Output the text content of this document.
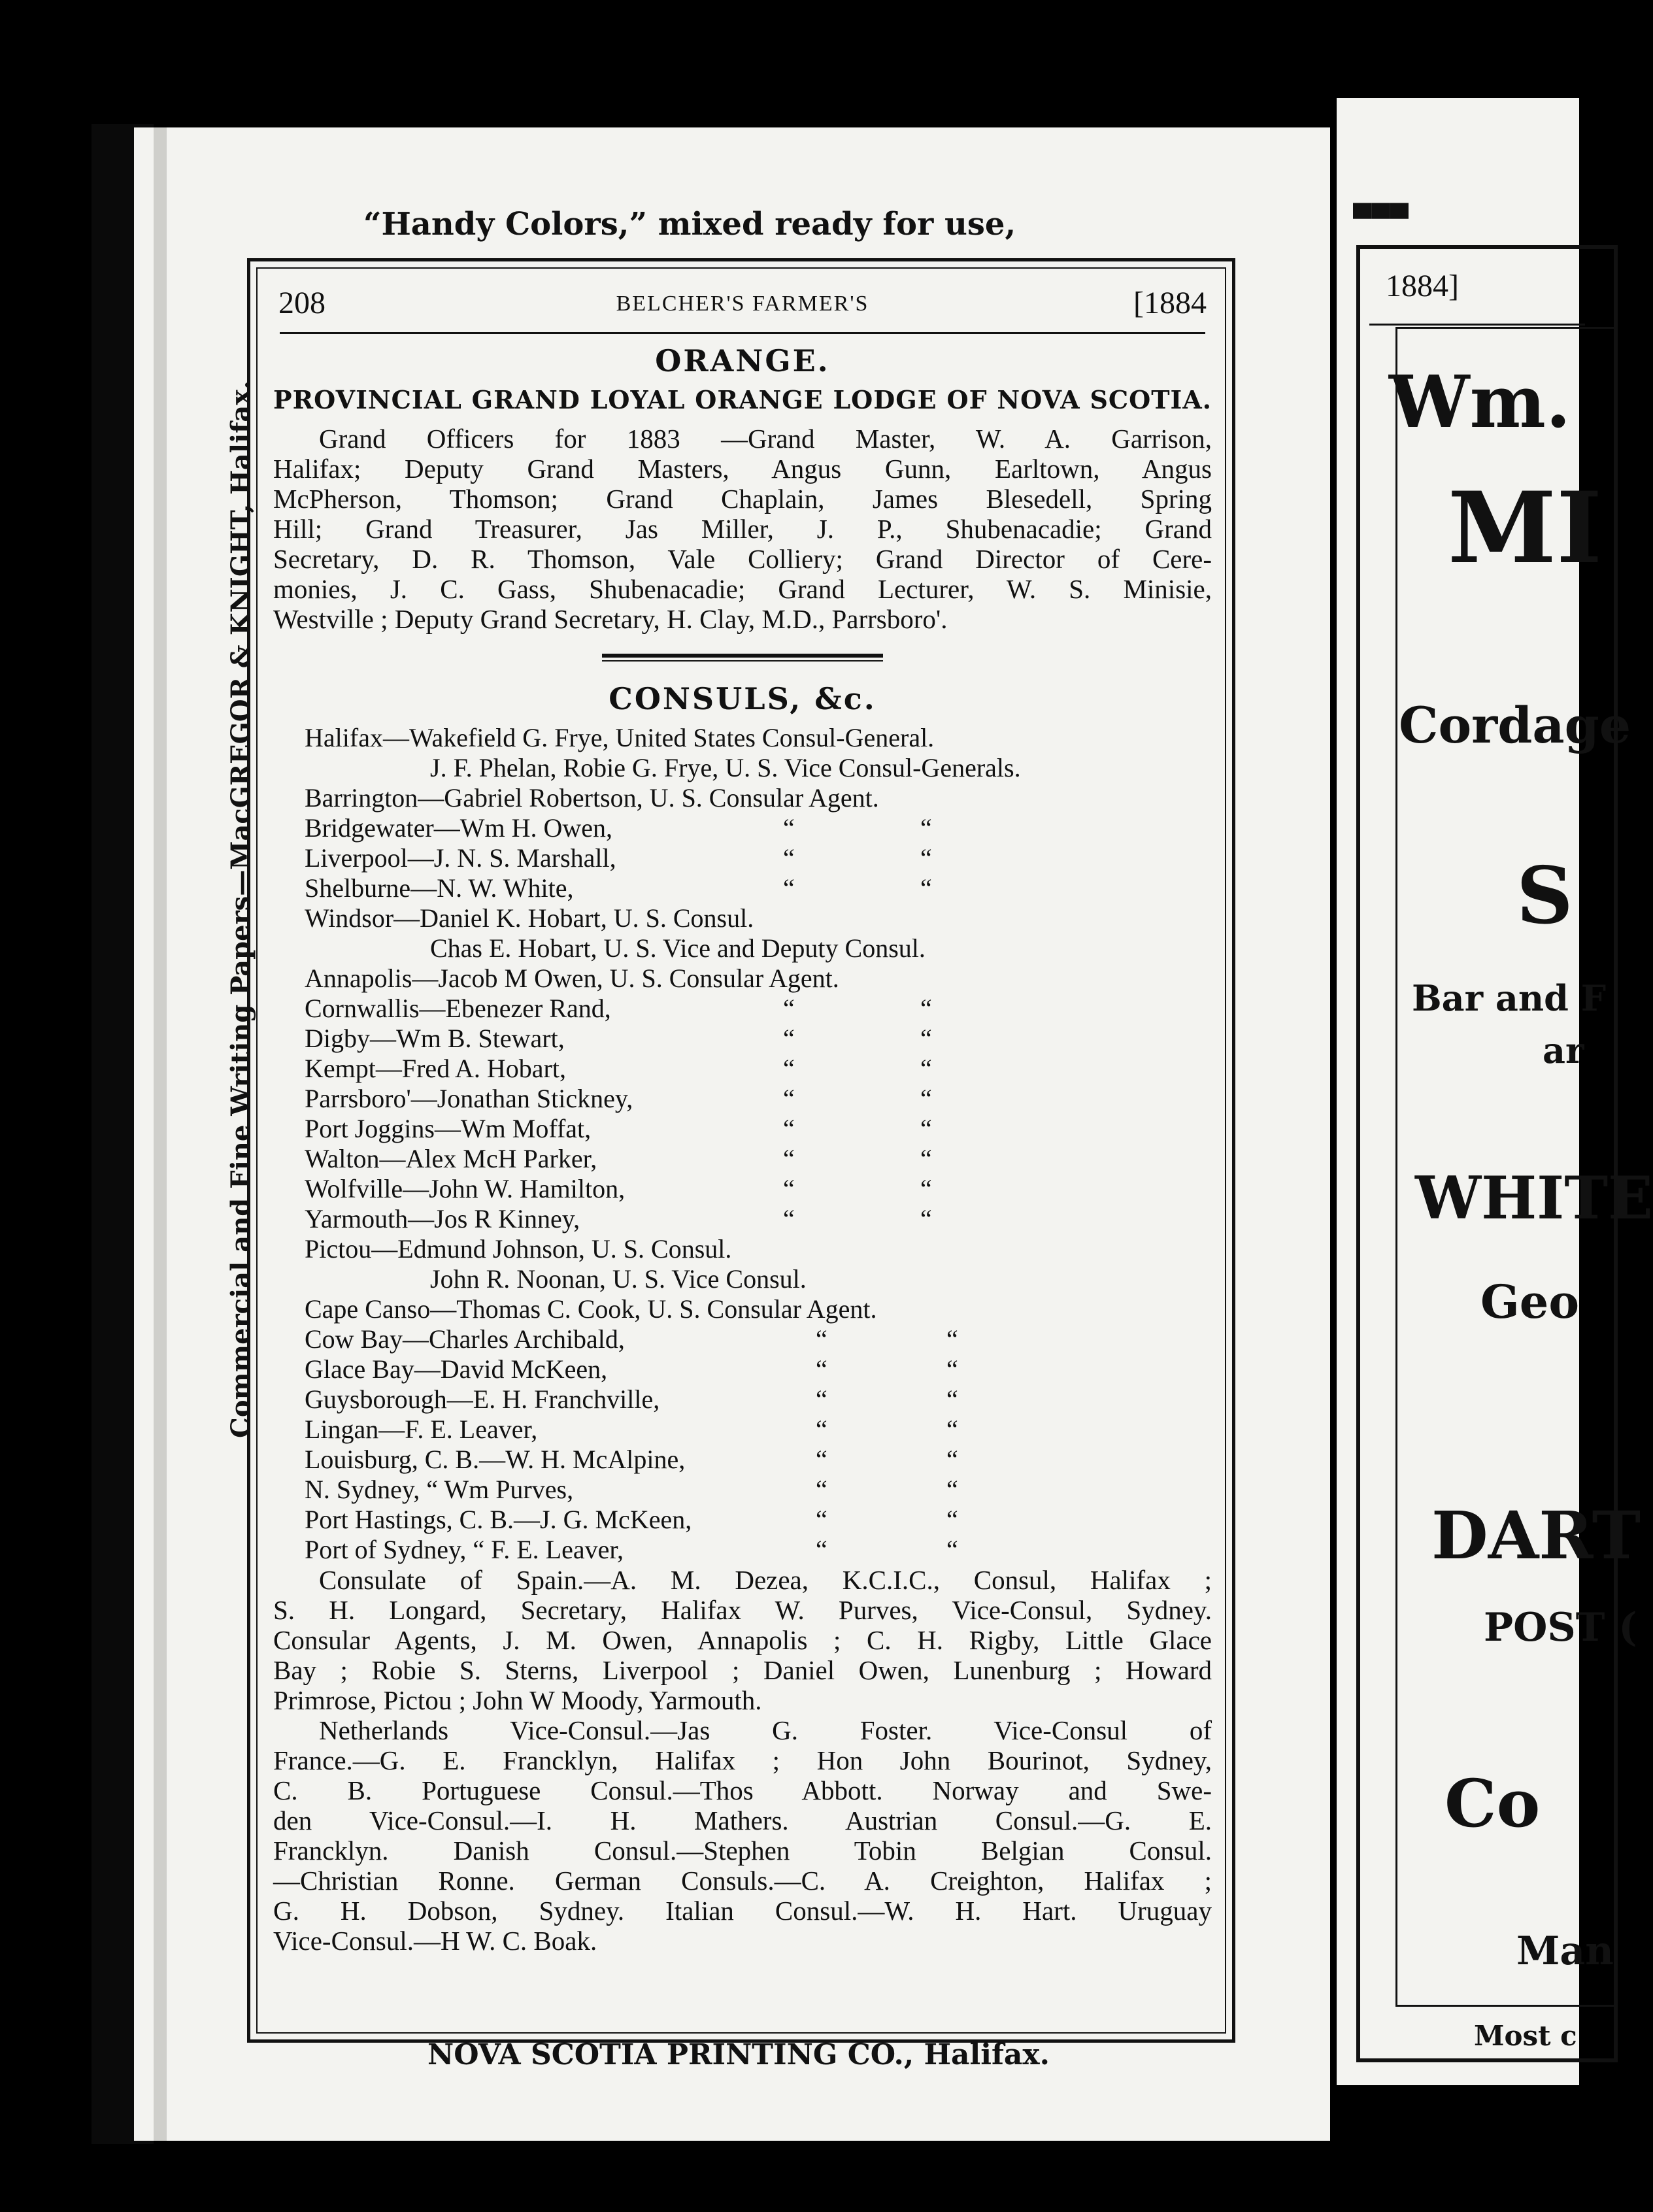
Commercial and Fine Writing Papers—MacGREGOR & KNIGHT, Halifax.
“Handy Colors,” mixed ready for use,
208	BELCHER'S FARMER'S	[1884
ORANGE.
PROVINCIAL GRAND LOYAL ORANGE LODGE OF NOVA SCOTIA.
Grand Officers for 1883 —Grand Master, W. A. Garrison,
Halifax; Deputy Grand Masters, Angus Gunn, Earltown, Angus
McPherson, Thomson; Grand Chaplain, James Blesedell, Spring
Hill; Grand Treasurer, Jas Miller, J. P., Shubenacadie; Grand
Secretary, D. R. Thomson, Vale Colliery; Grand Director of Cere-
monies, J. C. Gass, Shubenacadie; Grand Lecturer, W. S. Minisie,
Westville ; Deputy Grand Secretary, H. Clay, M.D., Parrsboro'.
CONSULS, &c.
Halifax—Wakefield G. Frye, United States Consul-General.
J. F. Phelan, Robie G. Frye, U. S. Vice Consul-Generals.
Barrington—Gabriel Robertson, U. S. Consular Agent.
Bridgewater—Wm H. Owen,	“	“
Liverpool—J. N. S. Marshall,	“	“
Shelburne—N. W. White,	“	“
Windsor—Daniel K. Hobart, U. S. Consul.
Chas E. Hobart, U. S. Vice and Deputy Consul.
Annapolis—Jacob M Owen, U. S. Consular Agent.
Cornwallis—Ebenezer Rand,	“	“
Digby—Wm B. Stewart,	“	“
Kempt—Fred A. Hobart,	“	“
Parrsboro'—Jonathan Stickney,	“	“
Port Joggins—Wm Moffat,	“	“
Walton—Alex McH Parker,	“	“
Wolfville—John W. Hamilton,	“	“
Yarmouth—Jos R Kinney,	“	“
Pictou—Edmund Johnson, U. S. Consul.
John R. Noonan, U. S. Vice Consul.
Cape Canso—Thomas C. Cook, U. S. Consular Agent.
Cow Bay—Charles Archibald,	“	“
Glace Bay—David McKeen,	“	“
Guysborough—E. H. Franchville,	“	“
Lingan—F. E. Leaver,	“	“
Louisburg, C. B.—W. H. McAlpine,	“	“
N. Sydney, “ Wm Purves,	“	“
Port Hastings, C. B.—J. G. McKeen,	“	“
Port of Sydney, “ F. E. Leaver,	“	“
Consulate of Spain.—A. M. Dezea, K.C.I.C., Consul, Halifax ;
S. H. Longard, Secretary, Halifax W. Purves, Vice-Consul, Sydney.
Consular Agents, J. M. Owen, Annapolis ; C. H. Rigby, Little Glace
Bay ; Robie S. Sterns, Liverpool ; Daniel Owen, Lunenburg ; Howard
Primrose, Pictou ; John W Moody, Yarmouth.
Netherlands Vice-Consul.—Jas G. Foster. Vice-Consul of
France.—G. E. Francklyn, Halifax ; Hon John Bourinot, Sydney,
C. B. Portuguese Consul.—Thos Abbott. Norway and Swe-
den Vice-Consul.—I. H. Mathers. Austrian Consul.—G. E.
Francklyn. Danish Consul.—Stephen Tobin Belgian Consul.
—Christian Ronne. German Consuls.—C. A. Creighton, Halifax ;
G. H. Dobson, Sydney. Italian Consul.—W. H. Hart. Uruguay
Vice-Consul.—H W. C. Boak.
NOVA SCOTIA PRINTING CO., Halifax.
▀▀▀
1884]
Wm.
MI
Cordage
S
Bar and F
ar
WHITE
Geo
DART
POST (
Co
Man
Most c
